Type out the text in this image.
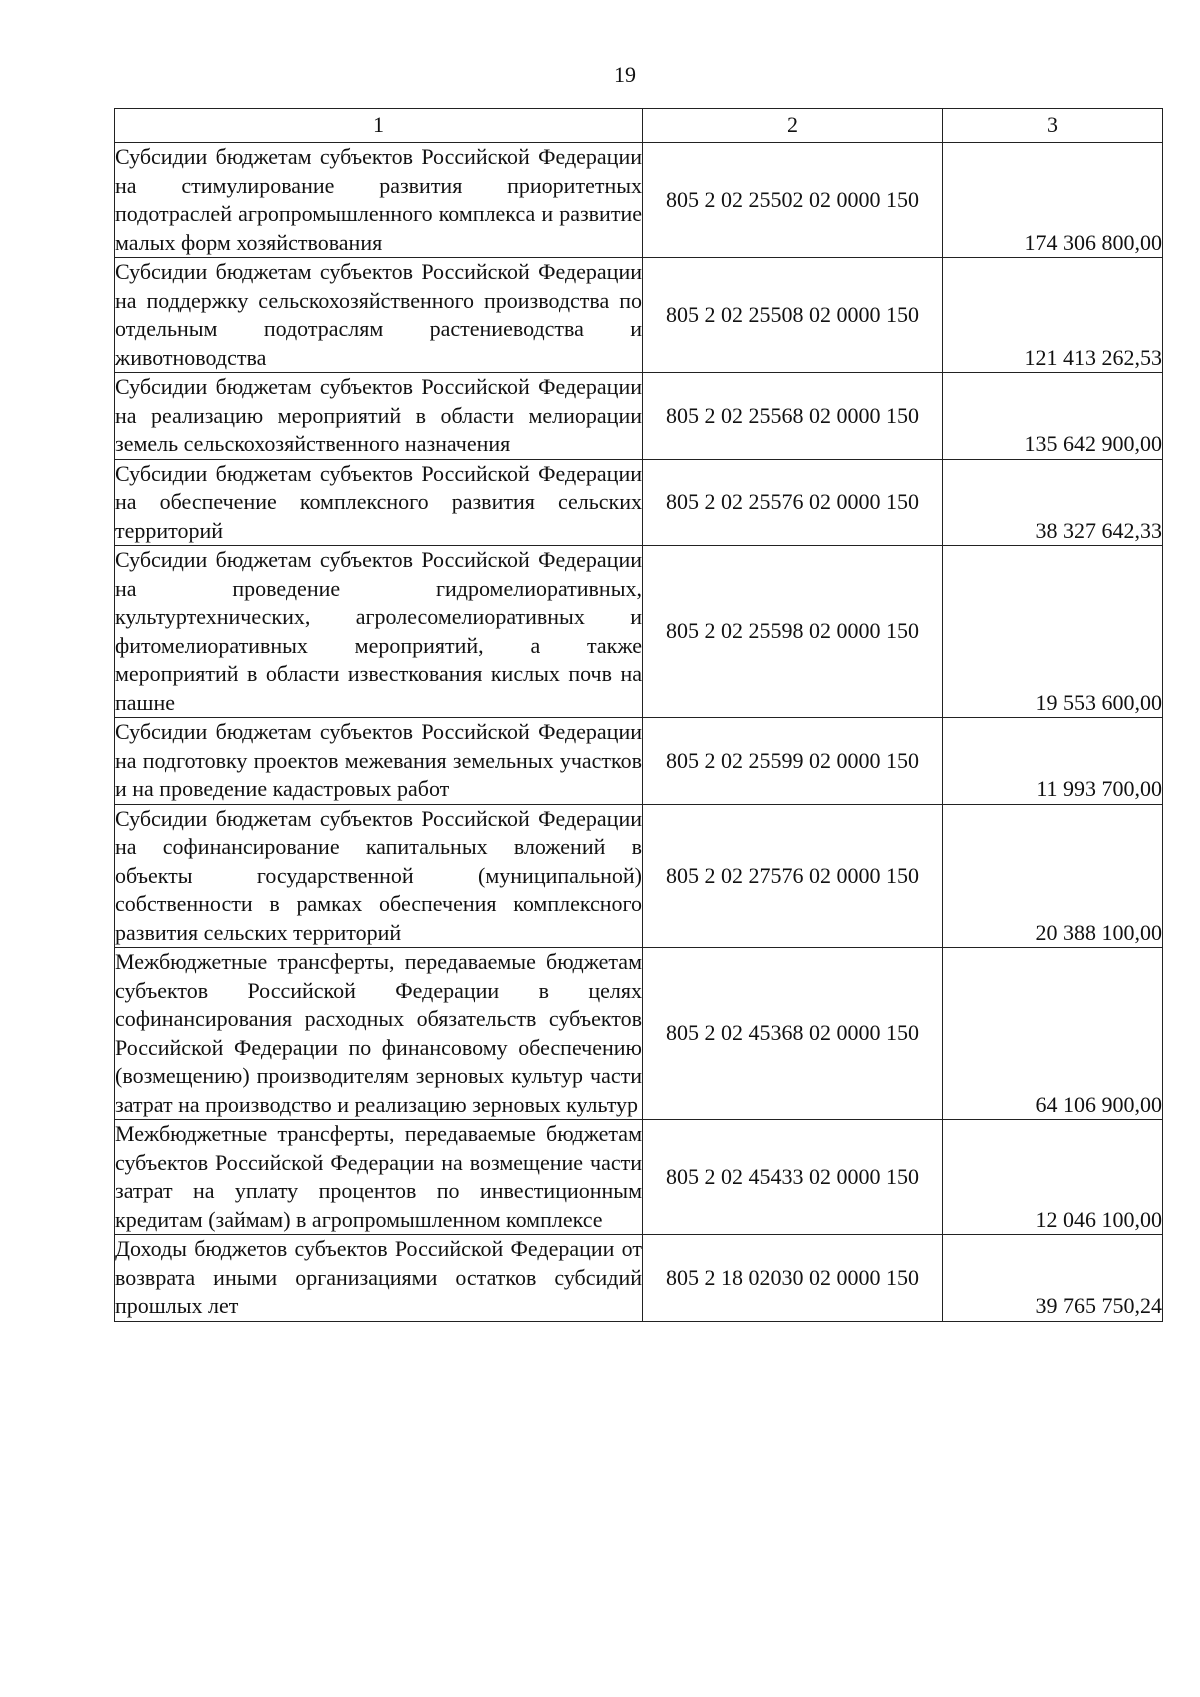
19
1	2	3
Субсидии бюджетам субъектов Российской Федерации на стимулирование развития приоритетных подотраслей агропромышленного комплекса и развитие малых форм хозяйствования	805 2 02 25502 02 0000 150	174 306 800,00
Субсидии бюджетам субъектов Российской Федерации на поддержку сельскохозяйственного производства по отдельным подотраслям растениеводства и животноводства	805 2 02 25508 02 0000 150	121 413 262,53
Субсидии бюджетам субъектов Российской Федерации на реализацию мероприятий в области мелиорации земель сельскохозяйственного назначения	805 2 02 25568 02 0000 150	135 642 900,00
Субсидии бюджетам субъектов Российской Федерации на обеспечение комплексного развития сельских территорий	805 2 02 25576 02 0000 150	38 327 642,33
Субсидии бюджетам субъектов Российской Федерации на проведение гидромелиоративных, культуртехнических, агролесомелиоративных и фитомелиоративных мероприятий, а также мероприятий в области известкования кислых почв на пашне	805 2 02 25598 02 0000 150	19 553 600,00
Субсидии бюджетам субъектов Российской Федерации на подготовку проектов межевания земельных участков и на проведение кадастровых работ	805 2 02 25599 02 0000 150	11 993 700,00
Субсидии бюджетам субъектов Российской Федерации на софинансирование капитальных вложений в объекты государственной (муниципальной) собственности в рамках обеспечения комплексного развития сельских территорий	805 2 02 27576 02 0000 150	20 388 100,00
Межбюджетные трансферты, передаваемые бюджетам субъектов Российской Федерации в целях софинансирования расходных обязательств субъектов Российской Федерации по финансовому обеспечению (возмещению) производителям зерновых культур части затрат на производство и реализацию зерновых культур	805 2 02 45368 02 0000 150	64 106 900,00
Межбюджетные трансферты, передаваемые бюджетам субъектов Российской Федерации на возмещение части затрат на уплату процентов по инвестиционным кредитам (займам) в агропромышленном комплексе	805 2 02 45433 02 0000 150	12 046 100,00
Доходы бюджетов субъектов Российской Федерации от возврата иными организациями остатков субсидий прошлых лет	805 2 18 02030 02 0000 150	39 765 750,24
